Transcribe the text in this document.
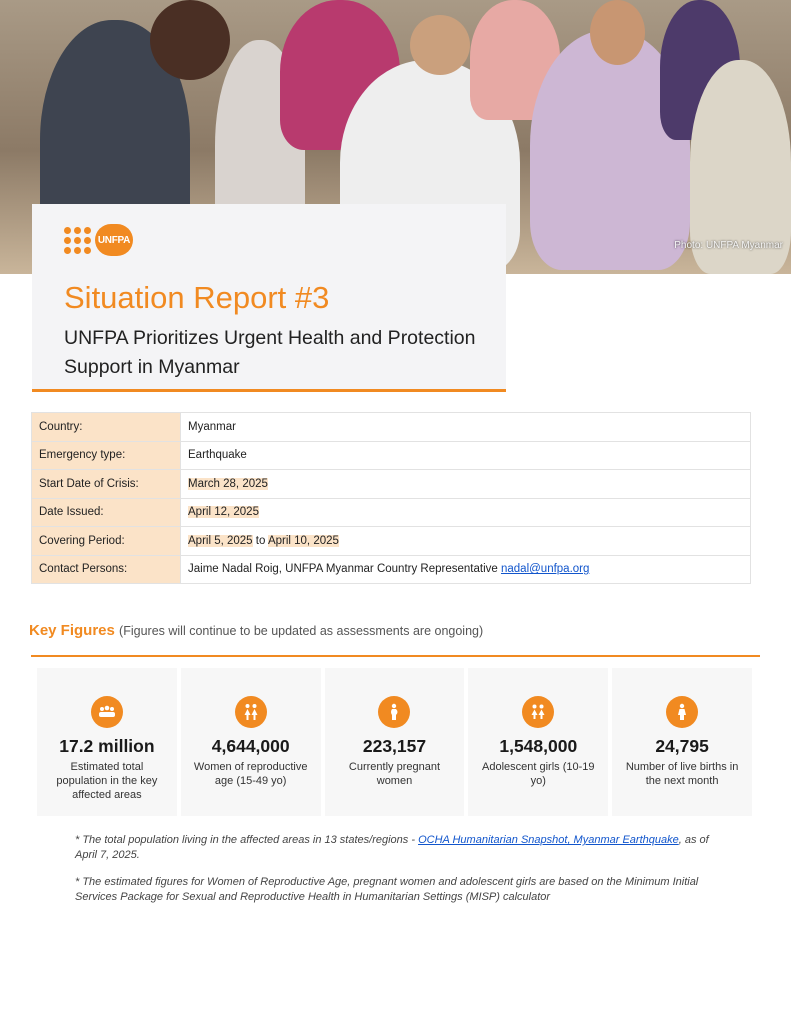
Photo: UNFPA Myanmar
UNFPA
Situation Report #3
UNFPA Prioritizes Urgent Health and Protection Support in Myanmar
Country:	Myanmar
Emergency type:	Earthquake
Start Date of Crisis:	March 28, 2025
Date Issued:	April 12, 2025
Covering Period:	April 5, 2025 to April 10, 2025
Contact Persons:	Jaime Nadal Roig, UNFPA Myanmar Country Representative nadal@unfpa.org
Key Figures (Figures will continue to be updated as assessments are ongoing)
17.2 million
Estimated total population in the key affected areas
4,644,000
Women of reproductive age (15-49 yo)
223,157
Currently pregnant women
1,548,000
Adolescent girls (10-19 yo)
24,795
Number of live births in the next month
* The total population living in the affected areas in 13 states/regions - OCHA Humanitarian Snapshot, Myanmar Earthquake, as of April 7, 2025.
* The estimated figures for Women of Reproductive Age, pregnant women and adolescent girls are based on the Minimum Initial Services Package for Sexual and Reproductive Health in Humanitarian Settings (MISP) calculator
